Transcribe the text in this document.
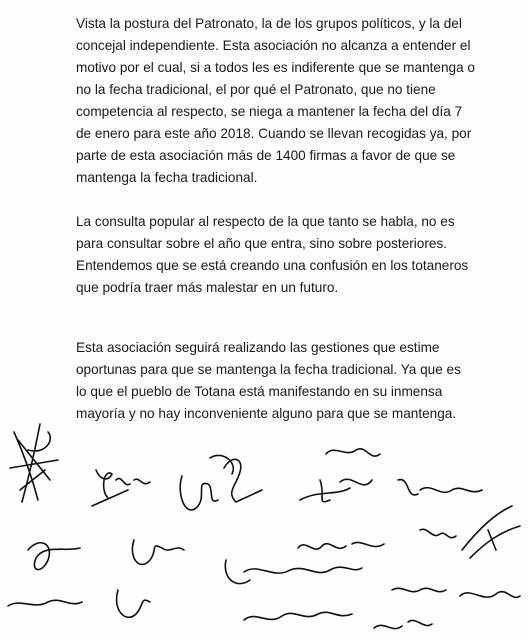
Vista la postura del Patronato, la de los grupos políticos, y la del
concejal independiente. Esta asociación no alcanza a entender el
motivo por el cual, si a todos les es indiferente que se mantenga o
no la fecha tradicional, el por qué el Patronato, que no tiene
competencia al respecto, se niega a mantener la fecha del día 7
de enero para este año 2018. Cuando se llevan recogidas ya, por
parte de esta asociación más de 1400 firmas a favor de que se
mantenga la fecha tradicional.

La consulta popular al respecto de la que tanto se habla, no es
para consultar sobre el año que entra, sino sobre posteriores.
Entendemos que se está creando una confusión en los totaneros
que podría traer más malestar en un futuro.

Esta asociación seguirá realizando las gestiones que estime
oportunas para que se mantenga la fecha tradicional. Ya que es
lo que el pueblo de Totana está manifestando en su inmensa
mayoría y no hay inconveniente alguno para que se mantenga.
